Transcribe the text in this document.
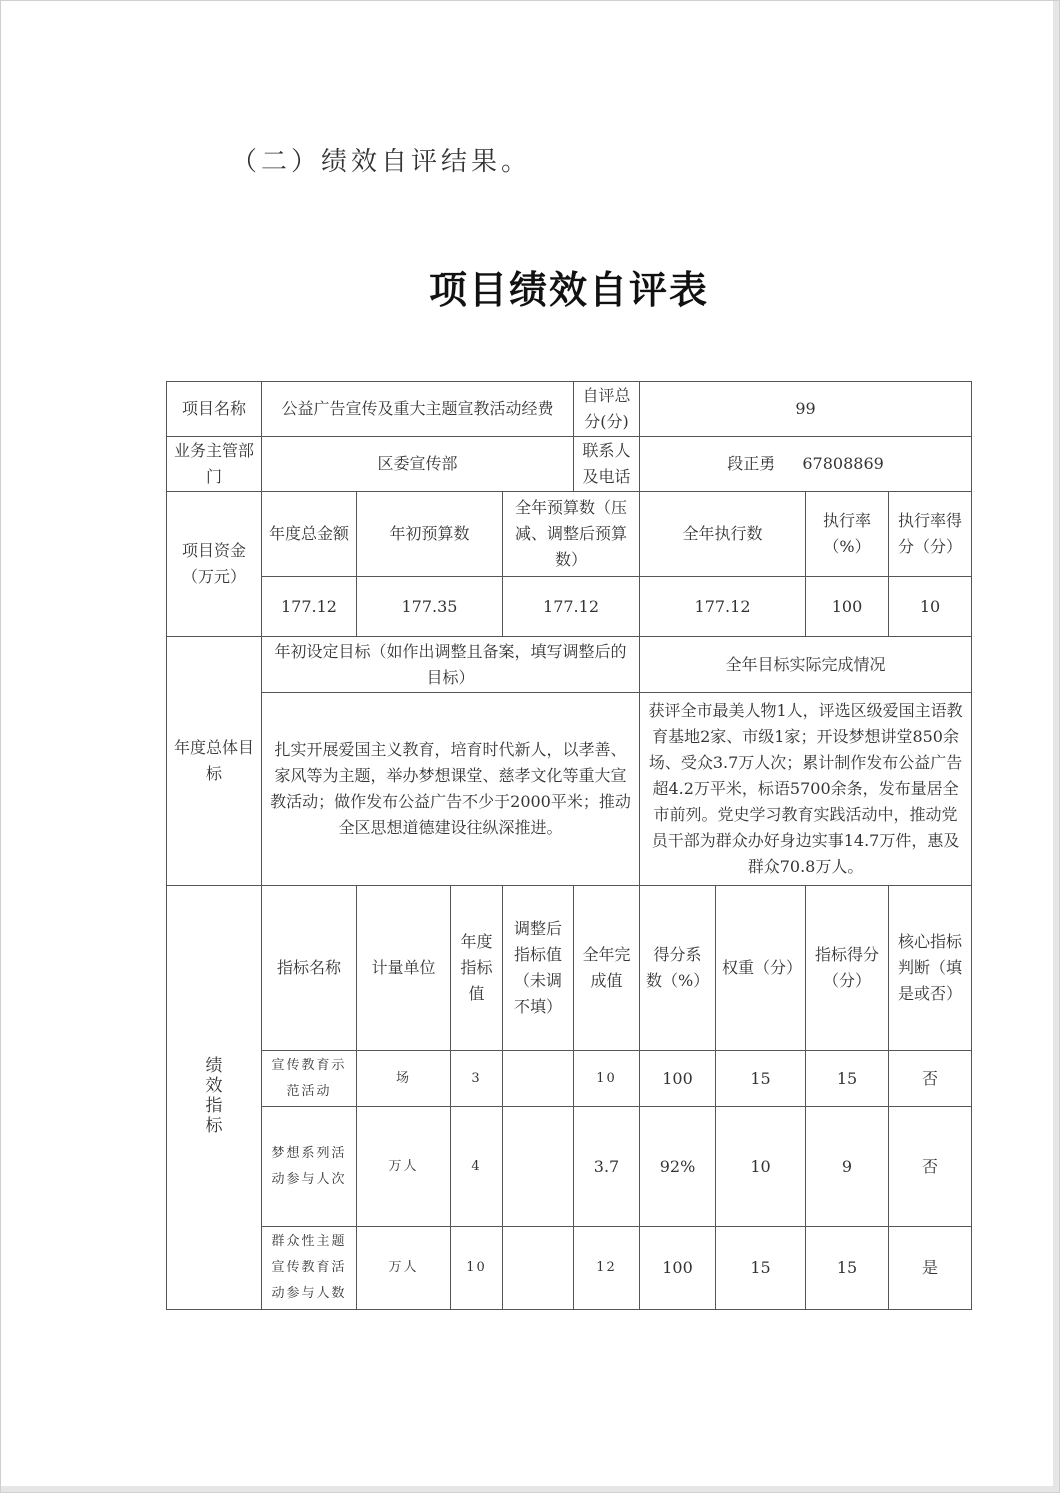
（二）绩效自评结果。
项目绩效自评表
项目名称	公益广告宣传及重大主题宣教活动经费				自评总分(分)	99			
业务主管部门	区委宣传部				联系人及电话	段正勇 67808869			
项目资金（万元）	年度总金额	年初预算数		全年预算数（压减、调整后预算数）		全年执行数		执行率（%）	执行率得分（分）
	177.12	177.35		177.12		177.12		100	10
年度总体目标	年初设定目标（如作出调整且备案，填写调整后的目标）					全年目标实际完成情况			
	扎实开展爱国主义教育，培育时代新人，以孝善、家风等为主题，举办梦想课堂、慈孝文化等重大宣教活动；做作发布公益广告不少于2000平米；推动全区思想道德建设往纵深推进。					获评全市最美人物1人，评选区级爱国主语教育基地2家、市级1家；开设梦想讲堂850余场、受众3.7万人次；累计制作发布公益广告超4.2万平米，标语5700余条，发布量居全市前列。党史学习教育实践活动中，推动党员干部为群众办好身边实事14.7万件，惠及群众70.8万人。			
绩效指标	指标名称	计量单位	年度指标值	调整后指标值（未调不填）	全年完成值	得分系数（%）	权重（分）	指标得分（分）	核心指标判断（填是或否）
	宣传教育示范活动	场	3		10	100	15	15	否
	梦想系列活动参与人次	万人	4		3.7	92%	10	9	否
	群众性主题宣传教育活动参与人数	万人	10		12	100	15	15	是
